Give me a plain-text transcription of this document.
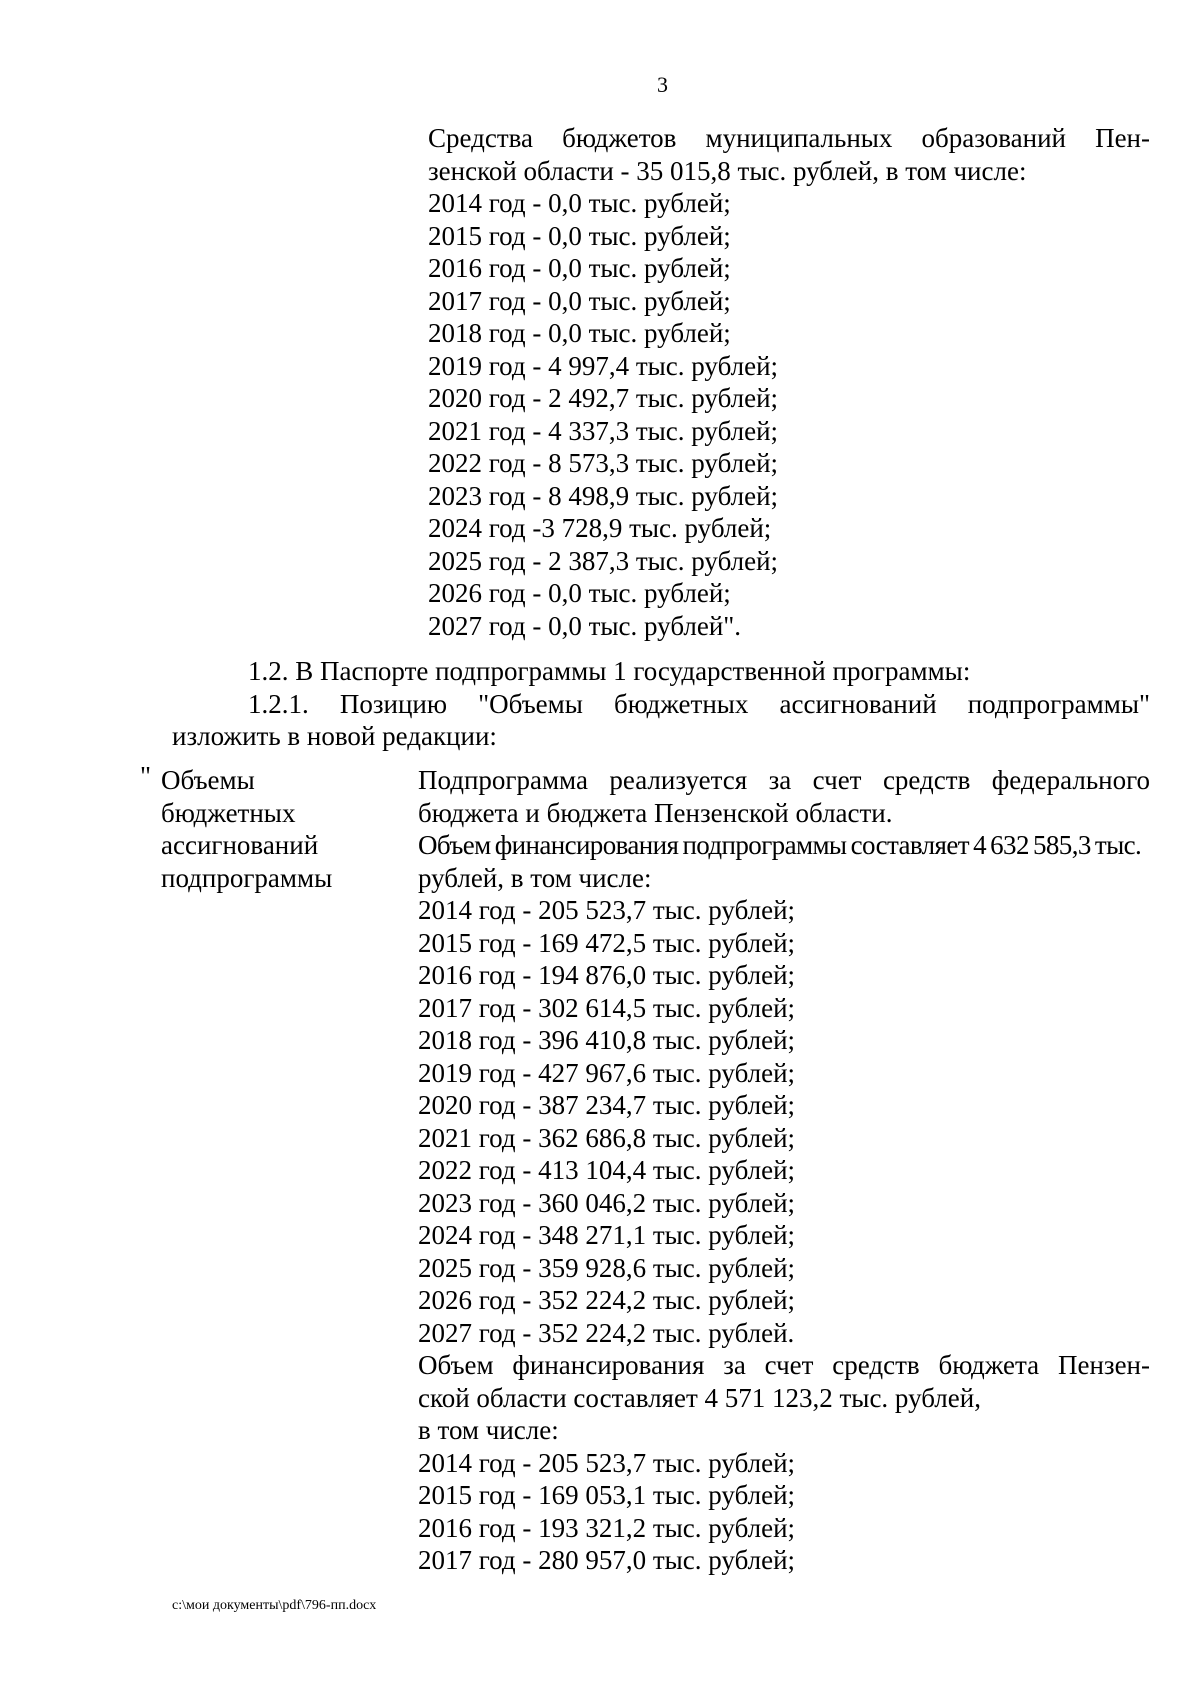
3
Средства бюджетов муниципальных образований Пен-
зенской области - 35 015,8 тыс. рублей, в том числе:
2014 год - 0,0 тыс. рублей;
2015 год - 0,0 тыс. рублей;
2016 год - 0,0 тыс. рублей;
2017 год - 0,0 тыс. рублей;
2018 год - 0,0 тыс. рублей;
2019 год - 4 997,4 тыс. рублей;
2020 год - 2 492,7 тыс. рублей;
2021 год - 4 337,3 тыс. рублей;
2022 год - 8 573,3 тыс. рублей;
2023 год - 8 498,9 тыс. рублей;
2024 год -3 728,9 тыс. рублей;
2025 год - 2 387,3 тыс. рублей;
2026 год - 0,0 тыс. рублей;
2027 год - 0,0 тыс. рублей".
1.2. В Паспорте подпрограммы 1 государственной программы:
1.2.1. Позицию "Объемы бюджетных ассигнований подпрограммы"
изложить в новой редакции:
" Объемы
бюджетных
ассигнований
подпрограммы
Подпрограмма реализуется за счет средств федерального
бюджета и бюджета Пензенской области.
Объем финансирования подпрограммы составляет 4 632 585,3 тыс.
рублей, в том числе:
2014 год - 205 523,7 тыс. рублей;
2015 год - 169 472,5 тыс. рублей;
2016 год - 194 876,0 тыс. рублей;
2017 год - 302 614,5 тыс. рублей;
2018 год - 396 410,8 тыс. рублей;
2019 год - 427 967,6 тыс. рублей;
2020 год - 387 234,7 тыс. рублей;
2021 год - 362 686,8 тыс. рублей;
2022 год - 413 104,4 тыс. рублей;
2023 год - 360 046,2 тыс. рублей;
2024 год - 348 271,1 тыс. рублей;
2025 год - 359 928,6 тыс. рублей;
2026 год - 352 224,2 тыс. рублей;
2027 год - 352 224,2 тыс. рублей.
Объем финансирования за счет средств бюджета Пензен-
ской области составляет 4 571 123,2 тыс. рублей,
в том числе:
2014 год - 205 523,7 тыс. рублей;
2015 год - 169 053,1 тыс. рублей;
2016 год - 193 321,2 тыс. рублей;
2017 год - 280 957,0 тыс. рублей;
c:\мои документы\pdf\796-пп.docx
